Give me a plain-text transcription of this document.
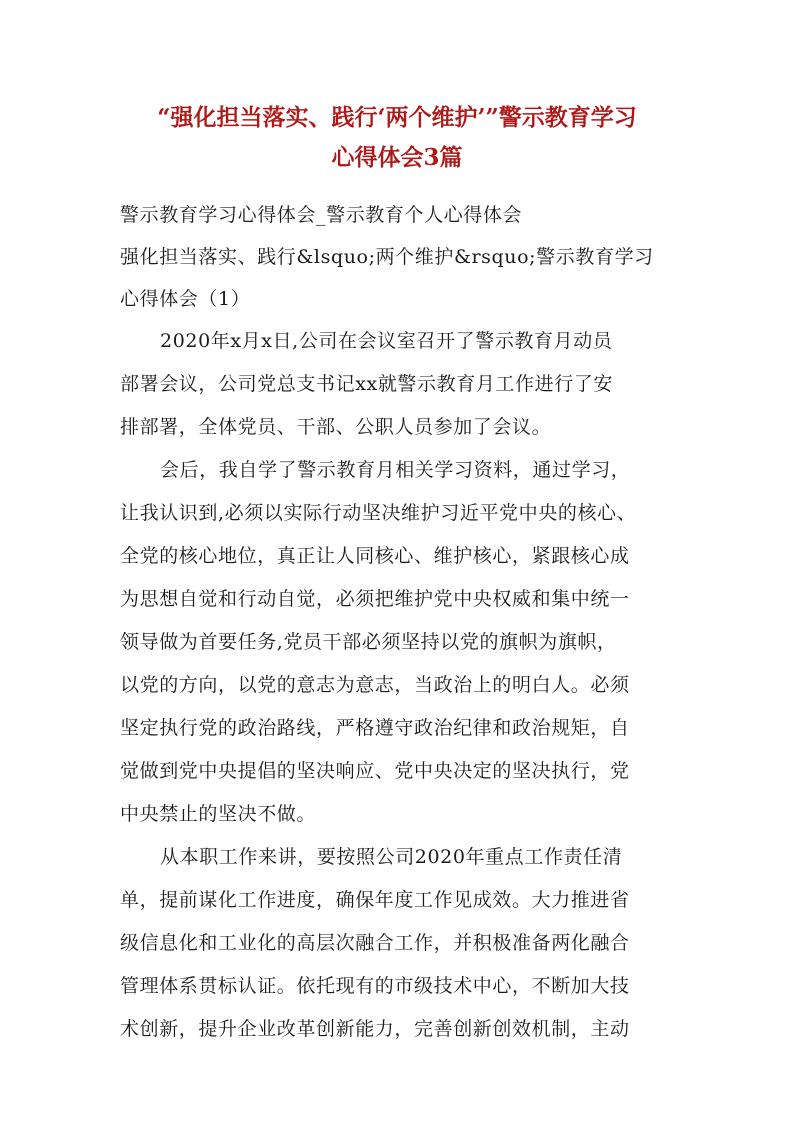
“强化担当落实、践行‘两个维护’”警示教育学习
心得体会3篇
警示教育学习心得体会_警示教育个人心得体会
强化担当落实、践行&lsquo;两个维护&rsquo;警示教育学习
心得体会（1）
2020年x月x日,公司在会议室召开了警示教育月动员
部署会议，公司党总支书记xx就警示教育月工作进行了安
排部署，全体党员、干部、公职人员参加了会议。
会后，我自学了警示教育月相关学习资料，通过学习，
让我认识到,必须以实际行动坚决维护习近平党中央的核心、
全党的核心地位，真正让人同核心、维护核心，紧跟核心成
为思想自觉和行动自觉，必须把维护党中央权威和集中统一
领导做为首要任务,党员干部必须坚持以党的旗帜为旗帜，
以党的方向，以党的意志为意志，当政治上的明白人。必须
坚定执行党的政治路线，严格遵守政治纪律和政治规矩，自
觉做到党中央提倡的坚决响应、党中央决定的坚决执行，党
中央禁止的坚决不做。
从本职工作来讲，要按照公司2020年重点工作责任清
单，提前谋化工作进度，确保年度工作见成效。大力推进省
级信息化和工业化的高层次融合工作，并积极准备两化融合
管理体系贯标认证。依托现有的市级技术中心，不断加大技
术创新，提升企业改革创新能力，完善创新创效机制，主动
